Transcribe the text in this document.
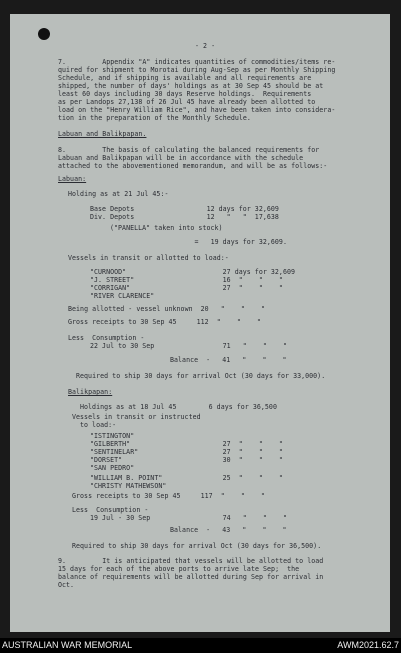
- 2 -
7.         Appendix "A" indicates quantities of commodities/items re-
quired for shipment to Morotai during Aug-Sep as per Monthly Shipping
Schedule, and if shipping is available and all requirements are
shipped, the number of days' holdings as at 30 Sep 45 should be at
least 60 days including 30 days Reserve holdings.  Requirements
as per Landops 27,138 of 26 Jul 45 have already been allotted to
load on the "Henry William Rice", and have been taken into considera-
tion in the preparation of the Monthly Schedule.
Labuan and Balikpapan.
8.         The basis of calculating the balanced requirements for
Labuan and Balikpapan will be in accordance with the schedule
attached to the abovementioned memorandum, and will be as follows:-
Labuan:
Holding as at 21 Jul 45:-
Base Depots                  12 days for 32,609
Div. Depots                  12   "   "  17,638
("PANELLA" taken into stock)
=   19 days for 32,609.
Vessels in transit or allotted to load:-
"CURNOOD"                        27 days for 32,609
"J. STREET"                      16  "    "    "
"CORRIGAN"                       27  "    "    "
"RIVER CLARENCE"
Being allotted - vessel unknown  20   "    "    "
Gross receipts to 30 Sep 45     112  "    "    "
Less  Consumption -
22 Jul to 30 Sep                 71   "    "    "
Balance  -   41   "    "    "
Required to ship 30 days for arrival Oct (30 days for 33,000).
Balikpapan:
Holdings as at 18 Jul 45        6 days for 36,500
Vessels in transit or instructed
to load:-
"ISTINGTON"
"GILBERTH"                       27  "    "    "
"SENTINELAR"                     27  "    "    "
"DORSET"                         30  "    "    "
"SAN PEDRO"
"WILLIAM B. POINT"               25  "    "    "
"CHRISTY MATHEWSON"
Gross receipts to 30 Sep 45     117  "    "    "
Less  Consumption -
19 Jul - 30 Sep                  74   "    "    "
Balance  -   43   "    "    "
Required to ship 30 days for arrival Oct (30 days for 36,500).
9.         It is anticipated that vessels will be allotted to load
15 days for each of the above ports to arrive late Sep;  the
balance of requirements will be allotted during Sep for arrival in
Oct.
AUSTRALIAN WAR MEMORIAL	AWM2021.62.7
